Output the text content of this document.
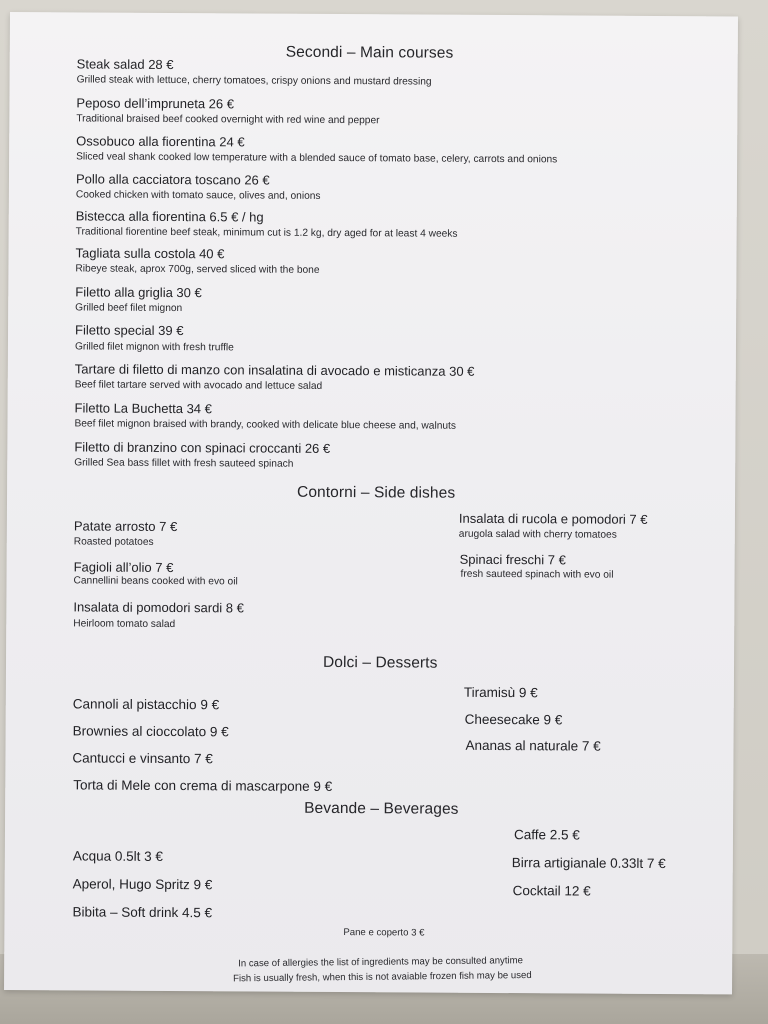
Secondi – Main courses
Steak salad 28 €
Grilled steak with lettuce, cherry tomatoes, crispy onions and mustard dressing
Peposo dell’impruneta 26 €
Traditional braised beef cooked overnight with red wine and pepper
Ossobuco alla fiorentina 24 €
Sliced veal shank cooked low temperature with a blended sauce of tomato base, celery, carrots and onions
Pollo alla cacciatora toscano 26 €
Cooked chicken with tomato sauce, olives and, onions
Bistecca alla fiorentina 6.5 € / hg
Traditional fiorentine beef steak, minimum cut is 1.2 kg, dry aged for at least 4 weeks
Tagliata sulla costola 40 €
Ribeye steak, aprox 700g, served sliced with the bone
Filetto alla griglia 30 €
Grilled beef filet mignon
Filetto special 39 €
Grilled filet mignon with fresh truffle
Tartare di filetto di manzo con insalatina di avocado e misticanza 30 €
Beef filet tartare served with avocado and lettuce salad
Filetto La Buchetta 34 €
Beef filet mignon braised with brandy, cooked with delicate blue cheese and, walnuts
Filetto di branzino con spinaci croccanti 26 €
Grilled Sea bass fillet with fresh sauteed spinach
Contorni – Side dishes
Patate arrosto 7 €
Roasted potatoes
Fagioli all’olio 7 €
Cannellini beans cooked with evo oil
Insalata di pomodori sardi 8 €
Heirloom tomato salad
Insalata di rucola e pomodori 7 €
arugola salad with cherry tomatoes
Spinaci freschi 7 €
fresh sauteed spinach with evo oil
Dolci – Desserts
Cannoli al pistacchio 9 €
Brownies al cioccolato 9 €
Cantucci e vinsanto 7 €
Torta di Mele con crema di mascarpone 9 €
Tiramisù 9 €
Cheesecake 9 €
Ananas al naturale 7 €
Bevande – Beverages
Acqua 0.5lt 3 €
Aperol, Hugo Spritz 9 €
Bibita – Soft drink 4.5 €
Caffe 2.5 €
Birra artigianale 0.33lt 7 €
Cocktail 12 €
Pane e coperto 3 €
In case of allergies the list of ingredients may be consulted anytime
Fish is usually fresh, when this is not avaiable frozen fish may be used
